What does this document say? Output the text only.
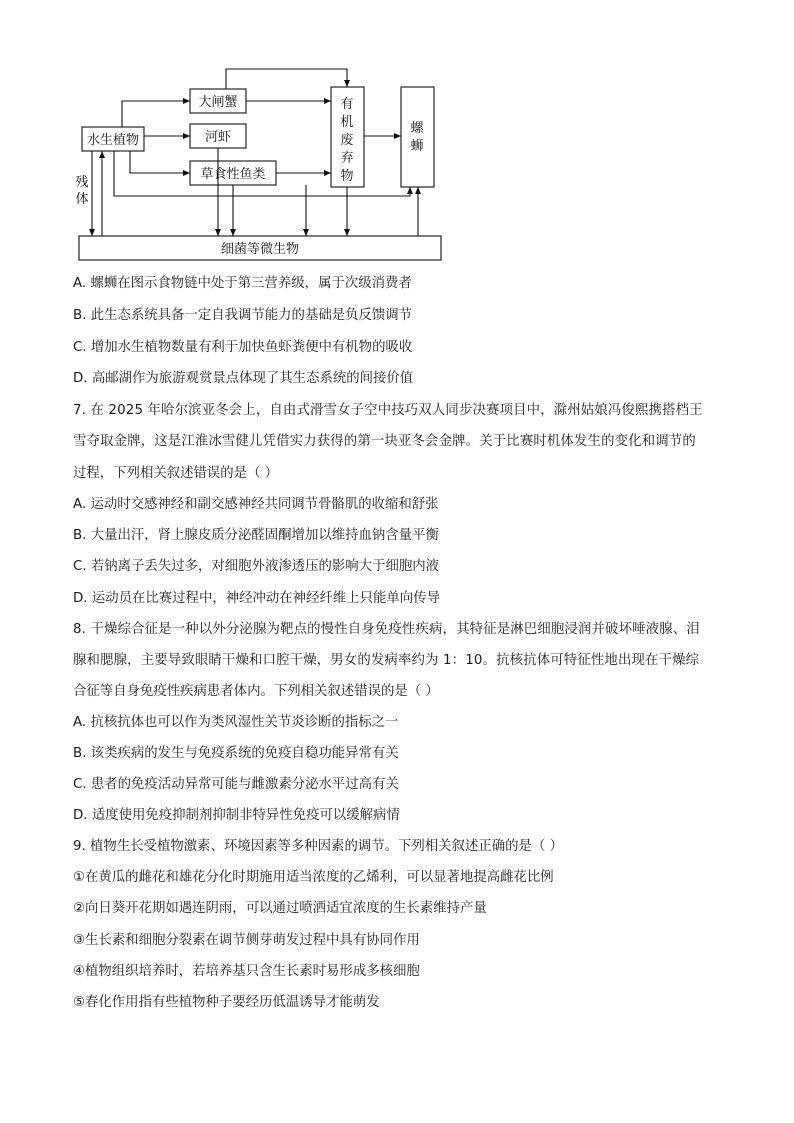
水生植物
大闸蟹
河虾
草食性鱼类
细菌等微生物
有
机
废
弃
物
螺
蛳
残
体

A. 螺蛳在图示食物链中处于第三营养级，属于次级消费者

B. 此生态系统具备一定自我调节能力的基础是负反馈调节

C. 增加水生植物数量有利于加快鱼虾粪便中有机物的吸收

D. 高邮湖作为旅游观赏景点体现了其生态系统的间接价值

7. 在 2025 年哈尔滨亚冬会上，自由式滑雪女子空中技巧双人同步决赛项目中，滁州姑娘冯俊熙携搭档王

雪夺取金牌，这是江淮冰雪健儿凭借实力获得的第一块亚冬会金牌。关于比赛时机体发生的变化和调节的

过程，下列相关叙述错误的是（ ）

A. 运动时交感神经和副交感神经共同调节骨骼肌的收缩和舒张

B. 大量出汗，肾上腺皮质分泌醛固酮增加以维持血钠含量平衡

C. 若钠离子丢失过多，对细胞外液渗透压的影响大于细胞内液

D. 运动员在比赛过程中，神经冲动在神经纤维上只能单向传导

8. 干燥综合征是一种以外分泌腺为靶点的慢性自身免疫性疾病，其特征是淋巴细胞浸润并破坏唾液腺、泪

腺和腮腺，主要导致眼睛干燥和口腔干燥，男女的发病率约为 1：10。抗核抗体可特征性地出现在干燥综

合征等自身免疫性疾病患者体内。下列相关叙述错误的是（ ）

A. 抗核抗体也可以作为类风湿性关节炎诊断的指标之一

B. 该类疾病的发生与免疫系统的免疫自稳功能异常有关

C. 患者的免疫活动异常可能与雌激素分泌水平过高有关

D. 适度使用免疫抑制剂抑制非特异性免疫可以缓解病情

9. 植物生长受植物激素、环境因素等多种因素的调节。下列相关叙述正确的是（ ）

①在黄瓜的雌花和雄花分化时期施用适当浓度的乙烯利，可以显著地提高雌花比例

②向日葵开花期如遇连阴雨，可以通过喷洒适宜浓度的生长素维持产量

③生长素和细胞分裂素在调节侧芽萌发过程中具有协同作用

④植物组织培养时，若培养基只含生长素时易形成多核细胞

⑤春化作用指有些植物种子要经历低温诱导才能萌发
